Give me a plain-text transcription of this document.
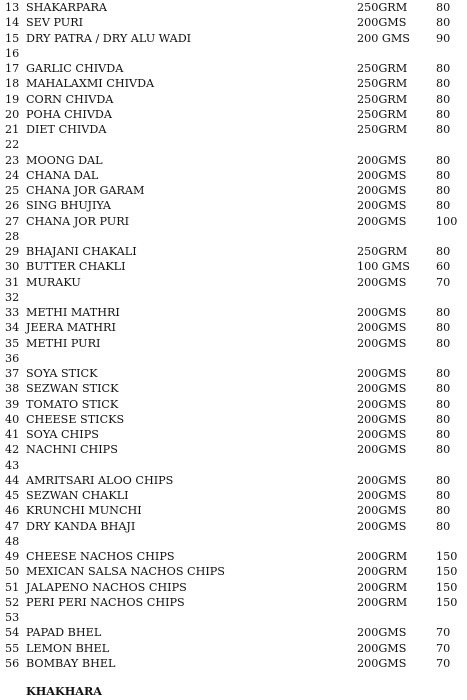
13 SHAKARPARA	250GRM	80
14 SEV PURI	200GMS	80
15 DRY PATRA / DRY ALU WADI	200 GMS 90
16
17 GARLIC CHIVDA	250GRM	80
18 MAHALAXMI CHIVDA	250GRM	80
19 CORN CHIVDA	250GRM	80
20 POHA CHIVDA	250GRM	80
21 DIET CHIVDA	250GRM	80
22
23 MOONG DAL	200GMS	80
24 CHANA DAL	200GMS	80
25 CHANA JOR GARAM	200GMS	80
26 SING BHUJIYA	200GMS	80
27 CHANA JOR PURI	200GMS	100
28
29 BHAJANI CHAKALI	250GRM	80
30 BUTTER CHAKLI	100 GMS 60
31 MURAKU	200GMS	70
32
33 METHI MATHRI	200GMS	80
34 JEERA MATHRI	200GMS	80
35 METHI PURI	200GMS	80
36
37 SOYA STICK	200GMS	80
38 SEZWAN STICK	200GMS	80
39 TOMATO STICK	200GMS	80
40 CHEESE STICKS	200GMS	80
41 SOYA CHIPS	200GMS	80
42 NACHNI CHIPS	200GMS	80
43
44 AMRITSARI ALOO CHIPS	200GMS	80
45 SEZWAN CHAKLI	200GMS	80
46 KRUNCHI MUNCHI	200GMS	80
47 DRY KANDA BHAJI	200GMS	80
48
49 CHEESE NACHOS CHIPS	200GRM	150
50 MEXICAN SALSA NACHOS CHIPS	200GRM	150
51 JALAPENO NACHOS CHIPS	200GRM	150
52 PERI PERI NACHOS CHIPS	200GRM	150
53
54 PAPAD BHEL	200GMS	70
55 LEMON BHEL	200GMS	70
56 BOMBAY BHEL	200GMS	70
KHAKHARA
